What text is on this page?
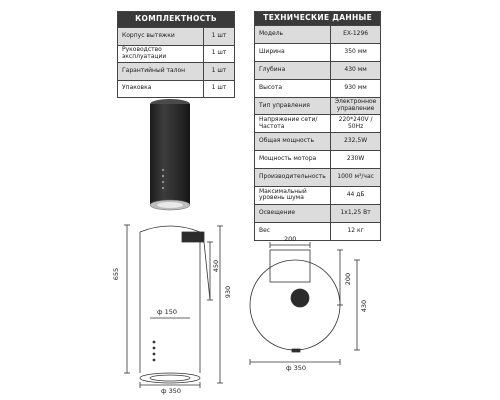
КОМПЛЕКТНОСТЬ	
Корпус вытяжки	1 шт
Руководство эксплуатации	1 шт
Гарантийный талон	1 шт
Упаковка	1 шт
ТЕХНИЧЕСКИЕ ДАННЫЕ	
Модель	EX-1296
Ширина	350 мм
Глубина	430 мм
Высота	930 мм
Тип управления	Электронное управление
Напряжение сети/ Частота	220*240V / 50Hz
Общая мощность	232,5W
Мощность мотора	230W
Производительность	1000 м³/час
Максимальный уровень шума	44 дБ
Освещение	1х1,25 Вт
Вес	12 кг
655
930
450
ф 150
ф 350
200
200
430
ф 350
